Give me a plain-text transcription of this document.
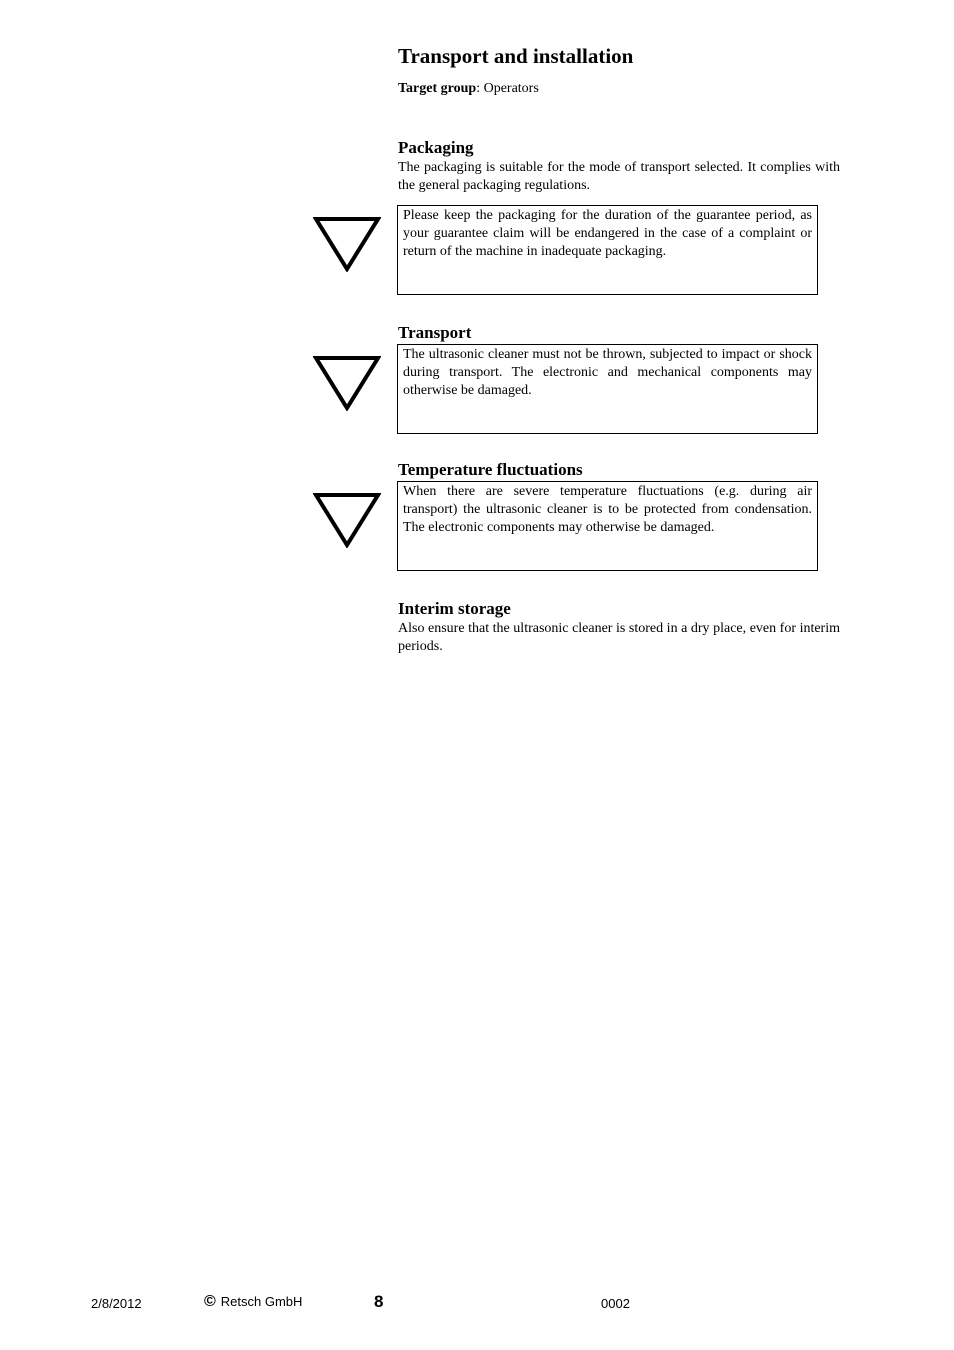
Transport and installation
Target group: Operators
Packaging

The packaging is suitable for the mode of transport selected. It complies with the general packaging regulations.

Please keep the packaging for the duration of the guarantee period, as your guarantee claim will be endangered in the case of a complaint or return of the machine in inadequate packaging.
Transport
The ultrasonic cleaner must not be thrown, subjected to impact or shock during transport. The electronic and mechanical components may otherwise be damaged.
Temperature fluctuations
When there are severe temperature fluctuations (e.g. during air transport) the ultrasonic cleaner is to be protected from condensation. The electronic components may otherwise be damaged.
Interim storage

Also ensure that the ultrasonic cleaner is stored in a dry place, even for interim periods.

2/8/2012	© Retsch GmbH	8	0002
